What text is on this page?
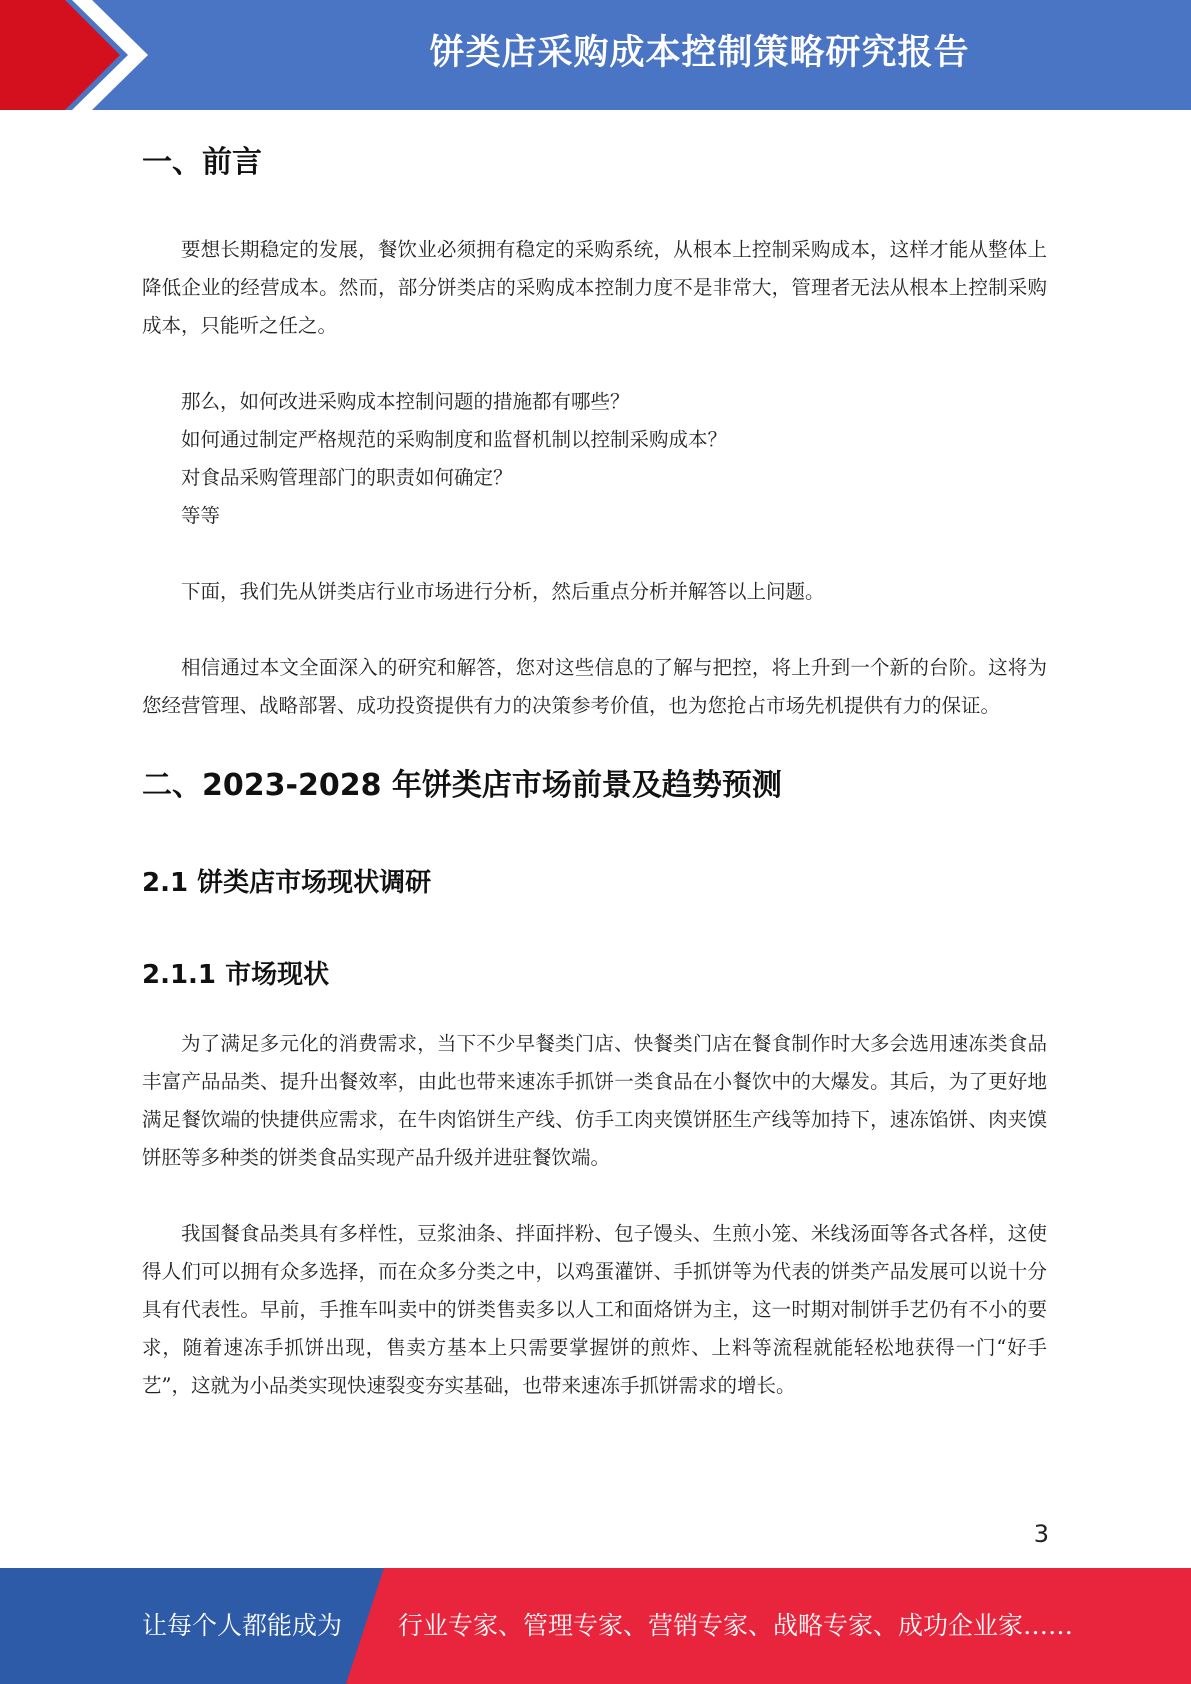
饼类店采购成本控制策略研究报告
一、前言

要想长期稳定的发展，餐饮业必须拥有稳定的采购系统，从根本上控制采购成本，这样才能从整体上降低企业的经营成本。然而，部分饼类店的采购成本控制力度不是非常大，管理者无法从根本上控制采购成本，只能听之任之。

那么，如何改进采购成本控制问题的措施都有哪些？
如何通过制定严格规范的采购制度和监督机制以控制采购成本？
对食品采购管理部门的职责如何确定？
等等

下面，我们先从饼类店行业市场进行分析，然后重点分析并解答以上问题。

相信通过本文全面深入的研究和解答，您对这些信息的了解与把控，将上升到一个新的台阶。这将为您经营管理、战略部署、成功投资提供有力的决策参考价值，也为您抢占市场先机提供有力的保证。

二、2023-2028 年饼类店市场前景及趋势预测
2.1 饼类店市场现状调研
2.1.1 市场现状

为了满足多元化的消费需求，当下不少早餐类门店、快餐类门店在餐食制作时大多会选用速冻类食品丰富产品品类、提升出餐效率，由此也带来速冻手抓饼一类食品在小餐饮中的大爆发。其后，为了更好地满足餐饮端的快捷供应需求，在牛肉馅饼生产线、仿手工肉夹馍饼胚生产线等加持下，速冻馅饼、肉夹馍饼胚等多种类的饼类食品实现产品升级并进驻餐饮端。

我国餐食品类具有多样性，豆浆油条、拌面拌粉、包子馒头、生煎小笼、米线汤面等各式各样，这使得人们可以拥有众多选择，而在众多分类之中，以鸡蛋灌饼、手抓饼等为代表的饼类产品发展可以说十分具有代表性。早前，手推车叫卖中的饼类售卖多以人工和面烙饼为主，这一时期对制饼手艺仍有不小的要求，随着速冻手抓饼出现，售卖方基本上只需要掌握饼的煎炸、上料等流程就能轻松地获得一门“好手艺”，这就为小品类实现快速裂变夯实基础，也带来速冻手抓饼需求的增长。

3
让每个人都能成为 行业专家、管理专家、营销专家、战略专家、成功企业家……
